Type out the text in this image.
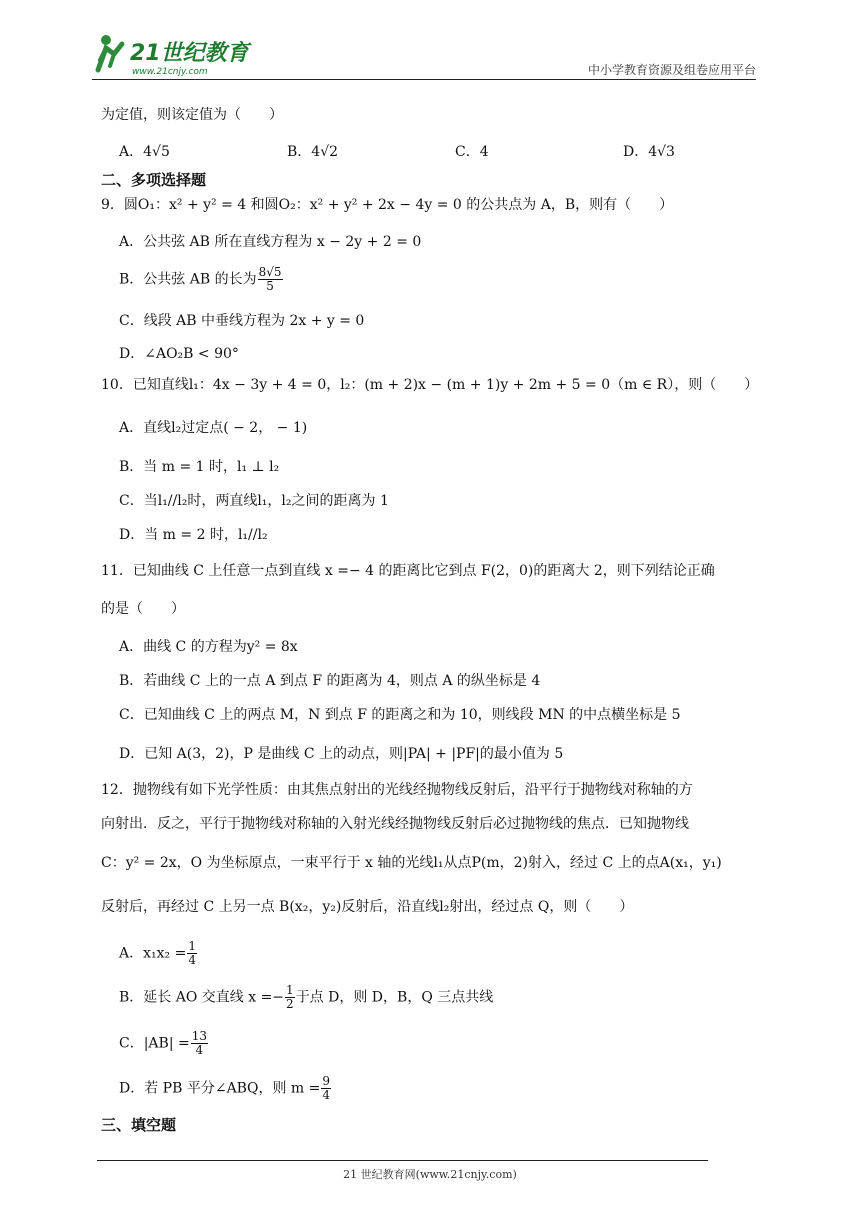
21世纪教育
www.21cnjy.com	中小学教育资源及组卷应用平台
为定值，则该定值为（　　）
A．4√5	B．4√2	C．4	D．4√3
二、多项选择题
9．圆O₁：x² + y² = 4 和圆O₂：x² + y² + 2x − 4y = 0 的公共点为 A，B，则有（　　）
A．公共弦 AB 所在直线方程为 x − 2y + 2 = 0
B．公共弦 AB 的长为 $\frac{8√5}{5}$
C．线段 AB 中垂线方程为 2x + y = 0
D．∠AO₂B < 90°
10．已知直线l₁：4x − 3y + 4 = 0，l₂：(m + 2)x − (m + 1)y + 2m + 5 = 0（m ∈ R），则（　　）
A．直线l₂过定点( − 2， − 1)
B．当 m = 1 时，l₁ ⊥ l₂
C．当l₁//l₂时，两直线l₁，l₂之间的距离为 1
D．当 m = 2 时，l₁//l₂
11．已知曲线 C 上任意一点到直线 x =− 4 的距离比它到点 F(2，0)的距离大 2，则下列结论正确
的是（　　）
A．曲线 C 的方程为y² = 8x
B．若曲线 C 上的一点 A 到点 F 的距离为 4，则点 A 的纵坐标是 4
C．已知曲线 C 上的两点 M，N 到点 F 的距离之和为 10，则线段 MN 的中点横坐标是 5
D．已知 A(3，2)，P 是曲线 C 上的动点，则|PA| + |PF|的最小值为 5
12．抛物线有如下光学性质：由其焦点射出的光线经抛物线反射后，沿平行于抛物线对称轴的方
向射出．反之，平行于抛物线对称轴的入射光线经抛物线反射后必过抛物线的焦点．已知抛物线
C：y² = 2x，O 为坐标原点，一束平行于 x 轴的光线l₁从点P(m，2)射入，经过 C 上的点A(x₁，y₁)
反射后，再经过 C 上另一点 B(x₂，y₂)反射后，沿直线l₂射出，经过点 Q，则（　　）
A．$x_1x_2 = \frac{1}{4}$
B．延长 AO 交直线 $x =- \frac{1}{2}$ 于点 D，则 D，B，Q 三点共线
C．$|AB| = \frac{13}{4}$
D．若 PB 平分∠ABQ，则 $m = \frac{9}{4}$
三、填空题
21 世纪教育网(www.21cnjy.com)
